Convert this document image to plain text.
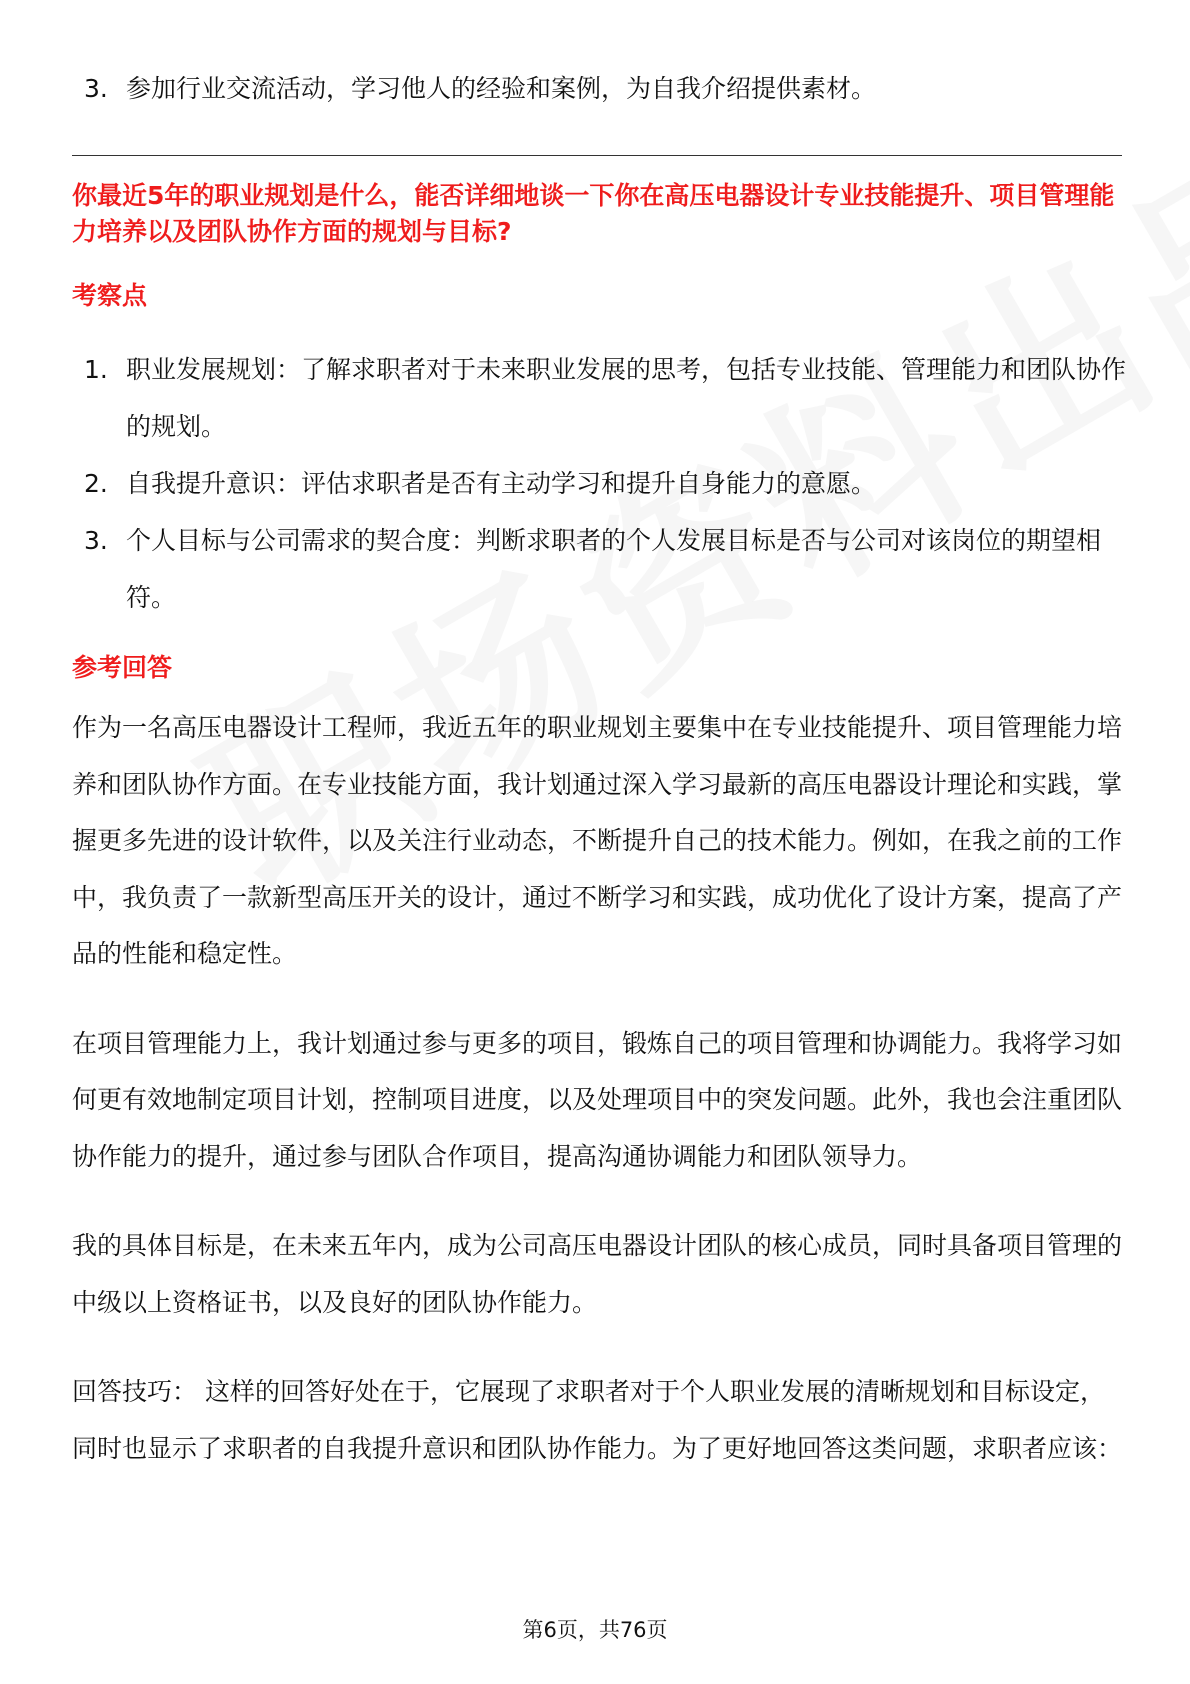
3. 参加行业交流活动，学习他人的经验和案例，为自我介绍提供素材。
你最近5年的职业规划是什么，能否详细地谈一下你在高压电器设计专业技能提升、项目管理能力培养以及团队协作方面的规划与目标?
考察点
1. 职业发展规划：了解求职者对于未来职业发展的思考，包括专业技能、管理能力和团队协作的规划。
2. 自我提升意识：评估求职者是否有主动学习和提升自身能力的意愿。
3. 个人目标与公司需求的契合度：判断求职者的个人发展目标是否与公司对该岗位的期望相符。
参考回答
作为一名高压电器设计工程师，我近五年的职业规划主要集中在专业技能提升、项目管理能力培养和团队协作方面。在专业技能方面，我计划通过深入学习最新的高压电器设计理论和实践，掌握更多先进的设计软件，以及关注行业动态，不断提升自己的技术能力。例如，在我之前的工作中，我负责了一款新型高压开关的设计，通过不断学习和实践，成功优化了设计方案，提高了产品的性能和稳定性。
在项目管理能力上，我计划通过参与更多的项目，锻炼自己的项目管理和协调能力。我将学习如何更有效地制定项目计划，控制项目进度，以及处理项目中的突发问题。此外，我也会注重团队协作能力的提升，通过参与团队合作项目，提高沟通协调能力和团队领导力。
我的具体目标是，在未来五年内，成为公司高压电器设计团队的核心成员，同时具备项目管理的中级以上资格证书，以及良好的团队协作能力。
回答技巧： 这样的回答好处在于，它展现了求职者对于个人职业发展的清晰规划和目标设定，同时也显示了求职者的自我提升意识和团队协作能力。为了更好地回答这类问题，求职者应该：
第6页，共76页
